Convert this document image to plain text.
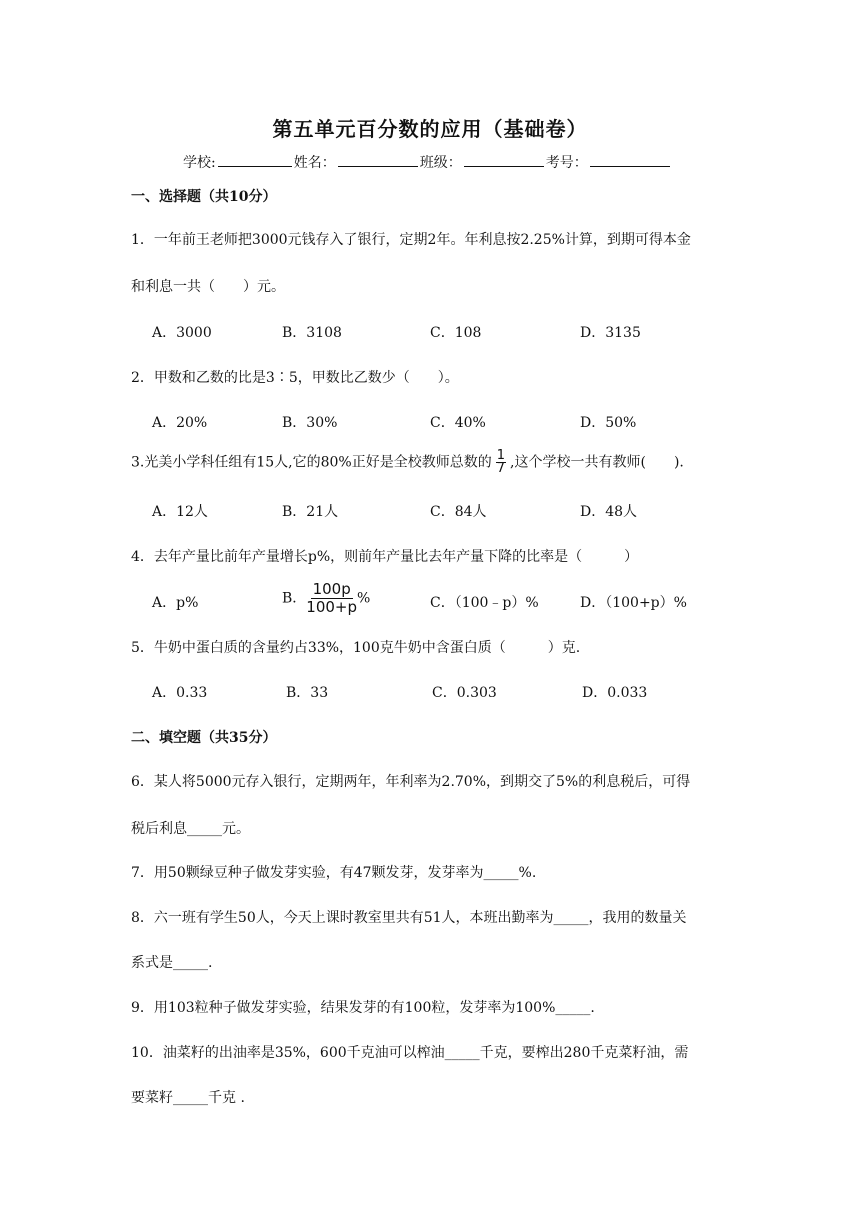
第五单元百分数的应用（基础卷）
学校:	姓名：	班级：	考号：
一、选择题（共10分）
1．一年前王老师把3000元钱存入了银行，定期2年。年利息按2.25%计算，到期可得本金
和利息一共（　　）元。
A．3000	B．3108	C．108	D．3135
2．甲数和乙数的比是3∶5，甲数比乙数少（　　）。
A．20%	B．30%	C．40%	D．50%
3.光美小学科任组有15人,它的80%正好是全校教师总数的 $\frac{1}{7}$ ,这个学校一共有教师(　　).
A．12人	B．21人	C．84人	D．48人
4．去年产量比前年产量增长p%，则前年产量比去年产量下降的比率是（　　　）
A．p%	B． $\frac{100p}{100+p}$ %	C．（100﹣p）%	D．（100+p）%
5．牛奶中蛋白质的含量约占33%，100克牛奶中含蛋白质（　　　）克.
A．0.33	B．33	C．0.303	D．0.033
二、填空题（共35分）
6．某人将5000元存入银行，定期两年，年利率为2.70%，到期交了5%的利息税后，可得
税后利息_____元。
7．用50颗绿豆种子做发芽实验，有47颗发芽，发芽率为_____%.
8．六一班有学生50人，今天上课时教室里共有51人，本班出勤率为_____，我用的数量关
系式是_____.
9．用103粒种子做发芽实验，结果发芽的有100粒，发芽率为100%_____.
10．油菜籽的出油率是35%，600千克油可以榨油_____千克，要榨出280千克菜籽油，需
要菜籽_____千克 .
